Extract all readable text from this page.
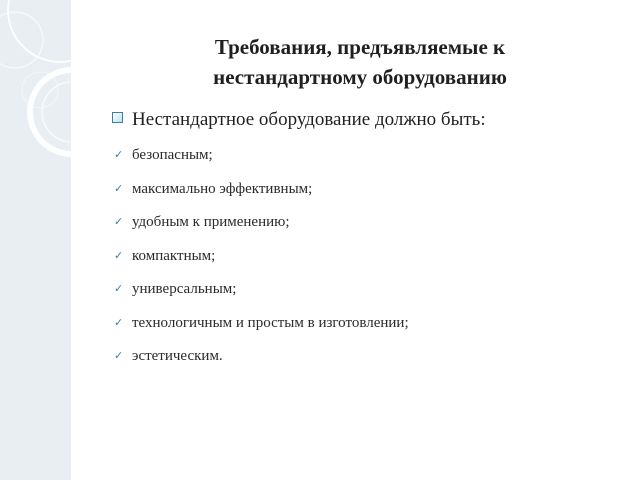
Требования, предъявляемые к
нестандартному оборудованию
Нестандартное оборудование должно быть:
✓ безопасным;
✓ максимально эффективным;
✓ удобным к применению;
✓ компактным;
✓ универсальным;
✓ технологичным и простым в изготовлении;
✓ эстетическим.
